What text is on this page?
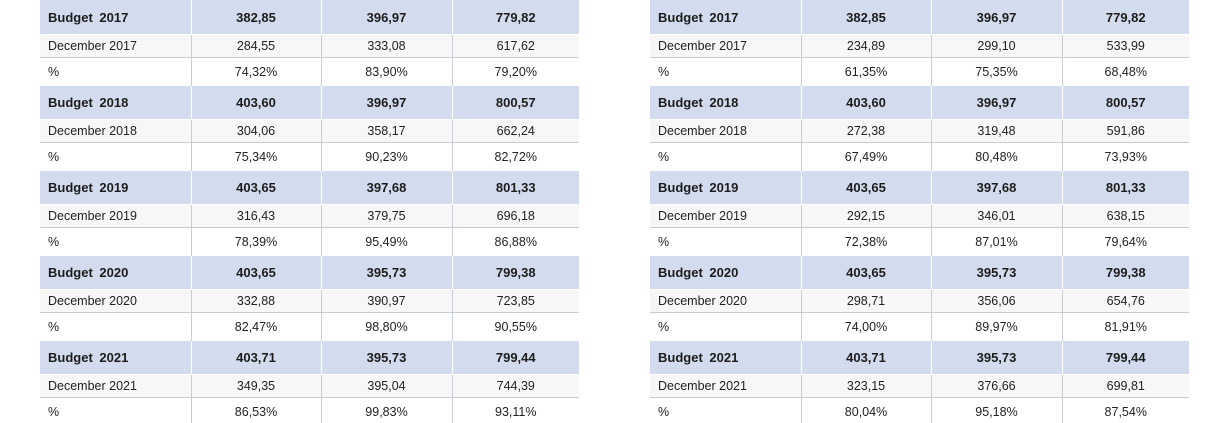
Budget 2017	382,85	396,97	779,82
December 2017	284,55	333,08	617,62
%	74,32%	83,90%	79,20%
Budget 2018	403,60	396,97	800,57
December 2018	304,06	358,17	662,24
%	75,34%	90,23%	82,72%
Budget 2019	403,65	397,68	801,33
December 2019	316,43	379,75	696,18
%	78,39%	95,49%	86,88%
Budget 2020	403,65	395,73	799,38
December 2020	332,88	390,97	723,85
%	82,47%	98,80%	90,55%
Budget 2021	403,71	395,73	799,44
December 2021	349,35	395,04	744,39
%	86,53%	99,83%	93,11%
Budget 2017	382,85	396,97	779,82
December 2017	234,89	299,10	533,99
%	61,35%	75,35%	68,48%
Budget 2018	403,60	396,97	800,57
December 2018	272,38	319,48	591,86
%	67,49%	80,48%	73,93%
Budget 2019	403,65	397,68	801,33
December 2019	292,15	346,01	638,15
%	72,38%	87,01%	79,64%
Budget 2020	403,65	395,73	799,38
December 2020	298,71	356,06	654,76
%	74,00%	89,97%	81,91%
Budget 2021	403,71	395,73	799,44
December 2021	323,15	376,66	699,81
%	80,04%	95,18%	87,54%
